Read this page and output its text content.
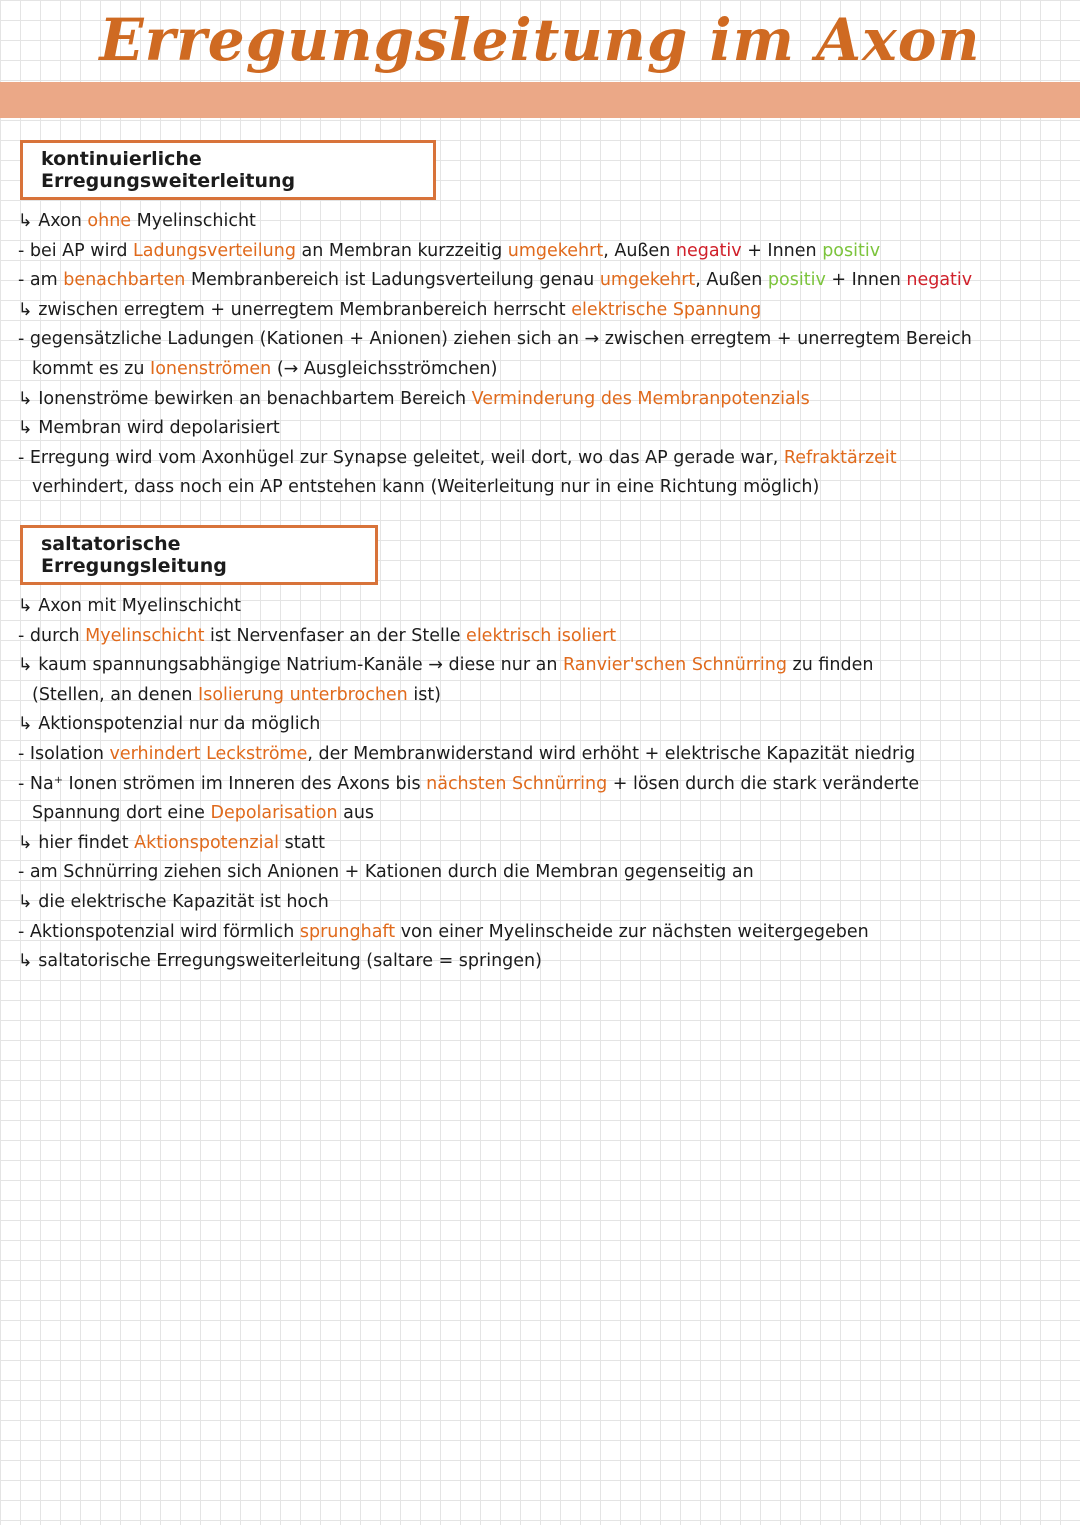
Erregungsleitung im Axon
kontinuierliche Erregungsweiterleitung
↳ Axon ohne Myelinschicht
- bei AP wird Ladungsverteilung an Membran kurzzeitig umgekehrt, Außen negativ + Innen positiv
- am benachbarten Membranbereich ist Ladungsverteilung genau umgekehrt, Außen positiv + Innen negativ
↳ zwischen erregtem + unerregtem Membranbereich herrscht elektrische Spannung
- gegensätzliche Ladungen (Kationen + Anionen) ziehen sich an → zwischen erregtem + unerregtem Bereich
kommt es zu Ionenströmen (→ Ausgleichsströmchen)
↳ Ionenströme bewirken an benachbartem Bereich Verminderung des Membranpotenzials
↳ Membran wird depolarisiert
- Erregung wird vom Axonhügel zur Synapse geleitet, weil dort, wo das AP gerade war, Refraktärzeit
verhindert, dass noch ein AP entstehen kann (Weiterleitung nur in eine Richtung möglich)
saltatorische Erregungsleitung
↳ Axon mit Myelinschicht
- durch Myelinschicht ist Nervenfaser an der Stelle elektrisch isoliert
↳ kaum spannungsabhängige Natrium-Kanäle → diese nur an Ranvier'schen Schnürring zu finden
(Stellen, an denen Isolierung unterbrochen ist)
↳ Aktionspotenzial nur da möglich
- Isolation verhindert Leckströme, der Membranwiderstand wird erhöht + elektrische Kapazität niedrig
- Na⁺ Ionen strömen im Inneren des Axons bis nächsten Schnürring + lösen durch die stark veränderte
Spannung dort eine Depolarisation aus
↳ hier findet Aktionspotenzial statt
- am Schnürring ziehen sich Anionen + Kationen durch die Membran gegenseitig an
↳ die elektrische Kapazität ist hoch
- Aktionspotenzial wird förmlich sprunghaft von einer Myelinscheide zur nächsten weitergegeben
↳ saltatorische Erregungsweiterleitung (saltare = springen)
